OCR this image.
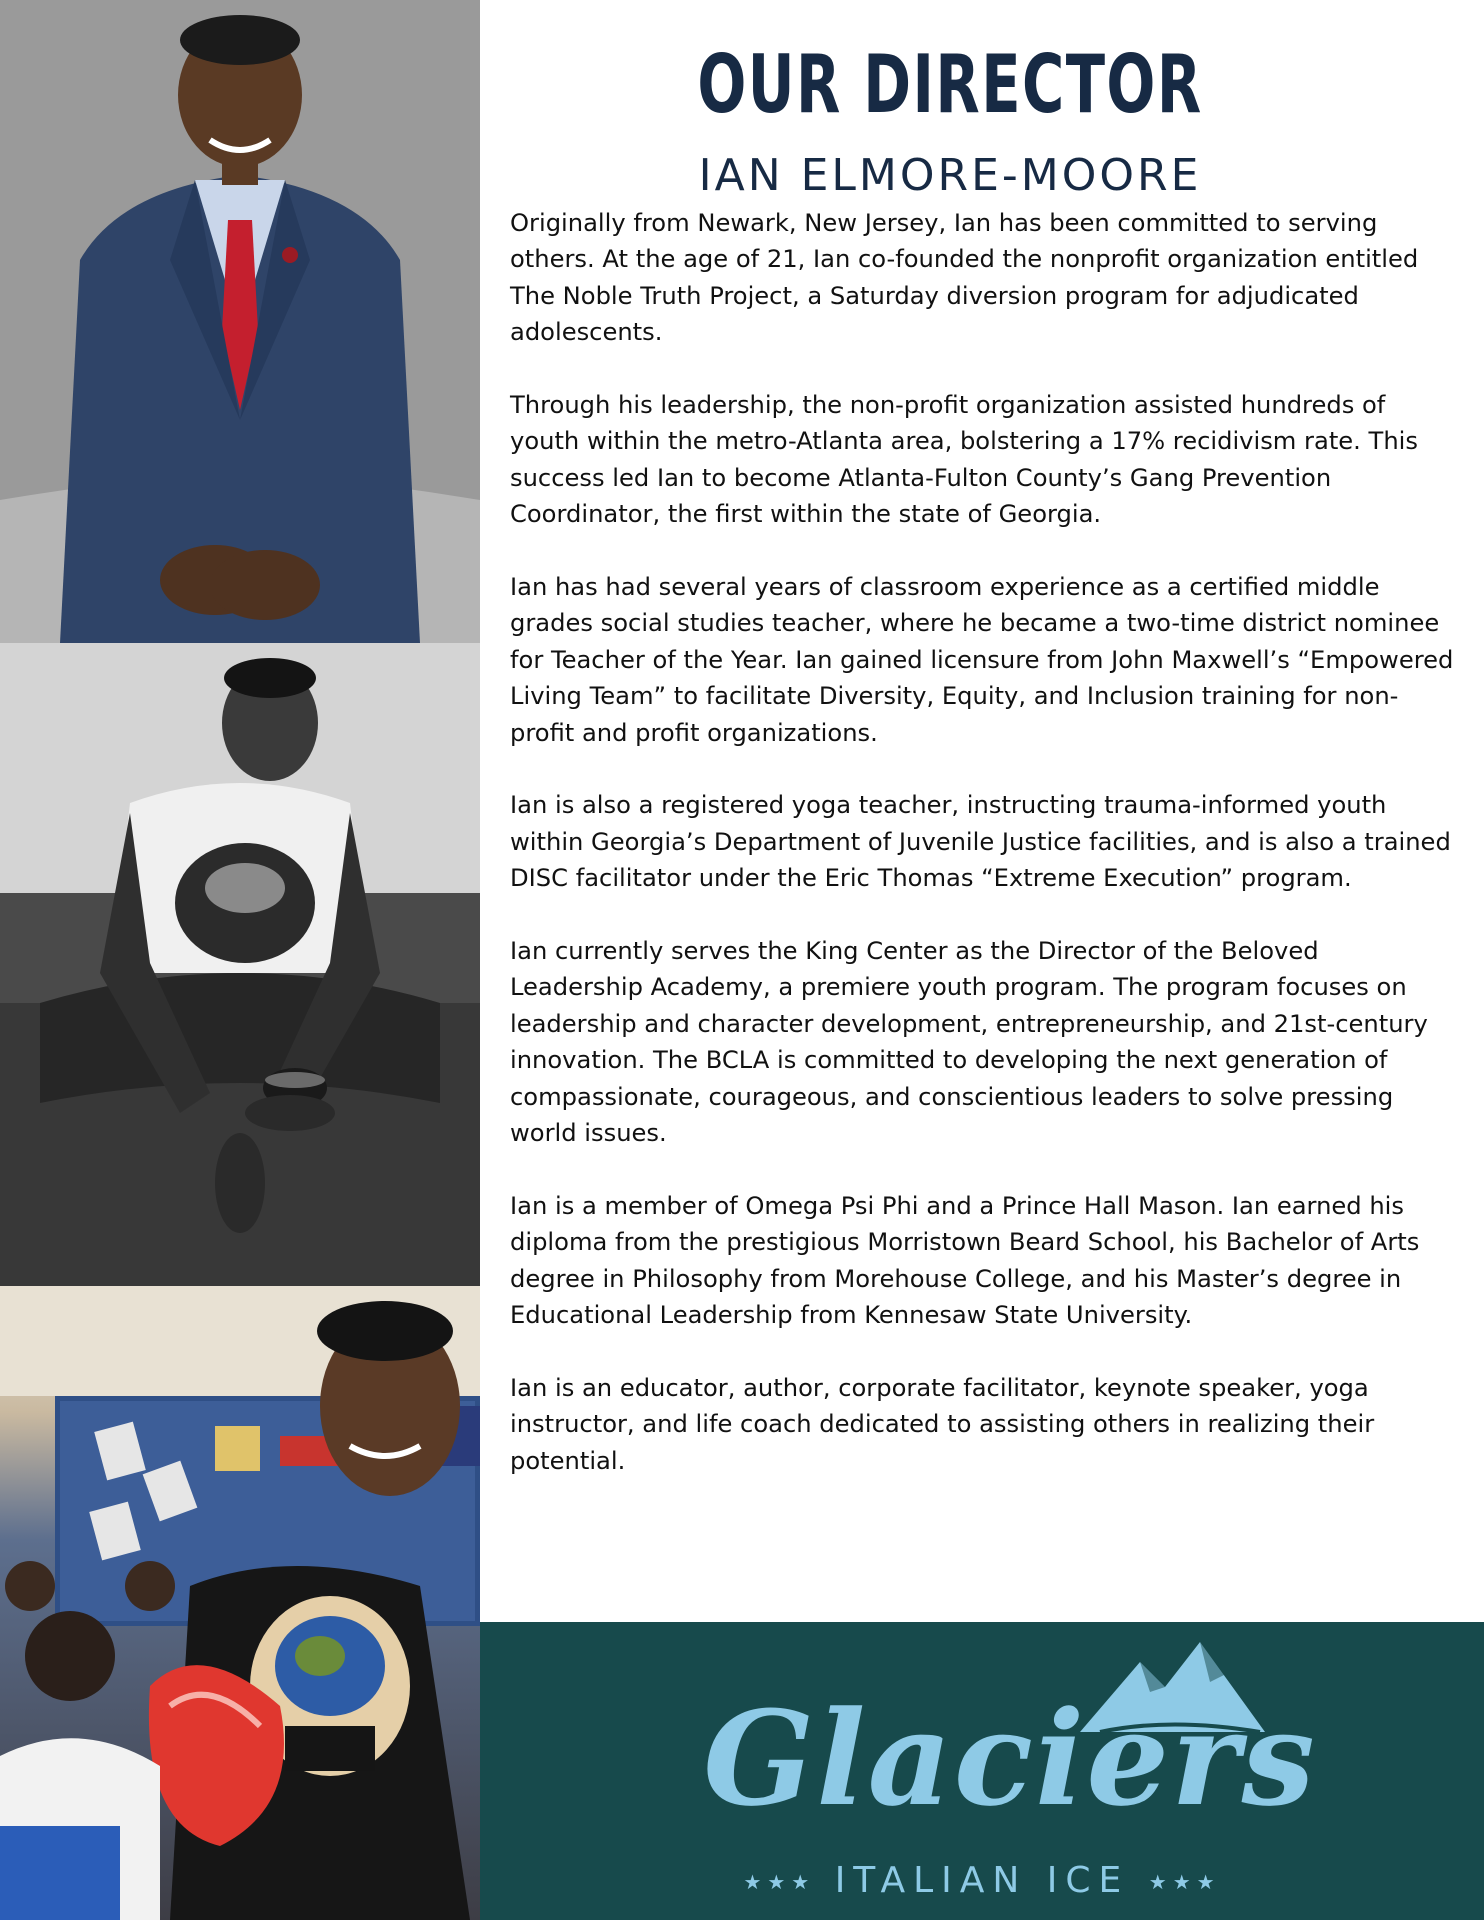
OUR DIRECTOR
IAN ELMORE-MOORE

Originally from Newark, New Jersey, Ian has been committed to serving others. At the age of 21, Ian co-founded the nonprofit organization entitled The Noble Truth Project, a Saturday diversion program for adjudicated adolescents.

Through his leadership, the non-profit organization assisted hundreds of youth within the metro-Atlanta area, bolstering a 17% recidivism rate. This success led Ian to become Atlanta-Fulton County’s Gang Prevention Coordinator, the first within the state of Georgia.

Ian has had several years of classroom experience as a certified middle grades social studies teacher, where he became a two-time district nominee for Teacher of the Year. Ian gained licensure from John Maxwell’s “Empowered Living Team” to facilitate Diversity, Equity, and Inclusion training for non-profit and profit organizations.

Ian is also a registered yoga teacher, instructing trauma-informed youth within Georgia’s Department of Juvenile Justice facilities, and is also a trained DISC facilitator under the Eric Thomas “Extreme Execution” program.

Ian currently serves the King Center as the Director of the Beloved Leadership Academy, a premiere youth program. The program focuses on leadership and character development, entrepreneurship, and 21st-century innovation. The BCLA is committed to developing the next generation of compassionate, courageous, and conscientious leaders to solve pressing world issues.

Ian is a member of Omega Psi Phi and a Prince Hall Mason. Ian earned his diploma from the prestigious Morristown Beard School, his Bachelor of Arts degree in Philosophy from Morehouse College, and his Master’s degree in Educational Leadership from Kennesaw State University.

Ian is an educator, author, corporate facilitator, keynote speaker, yoga instructor, and life coach dedicated to assisting others in realizing their potential.

Glaciers
★★★ ITALIAN ICE ★★★
